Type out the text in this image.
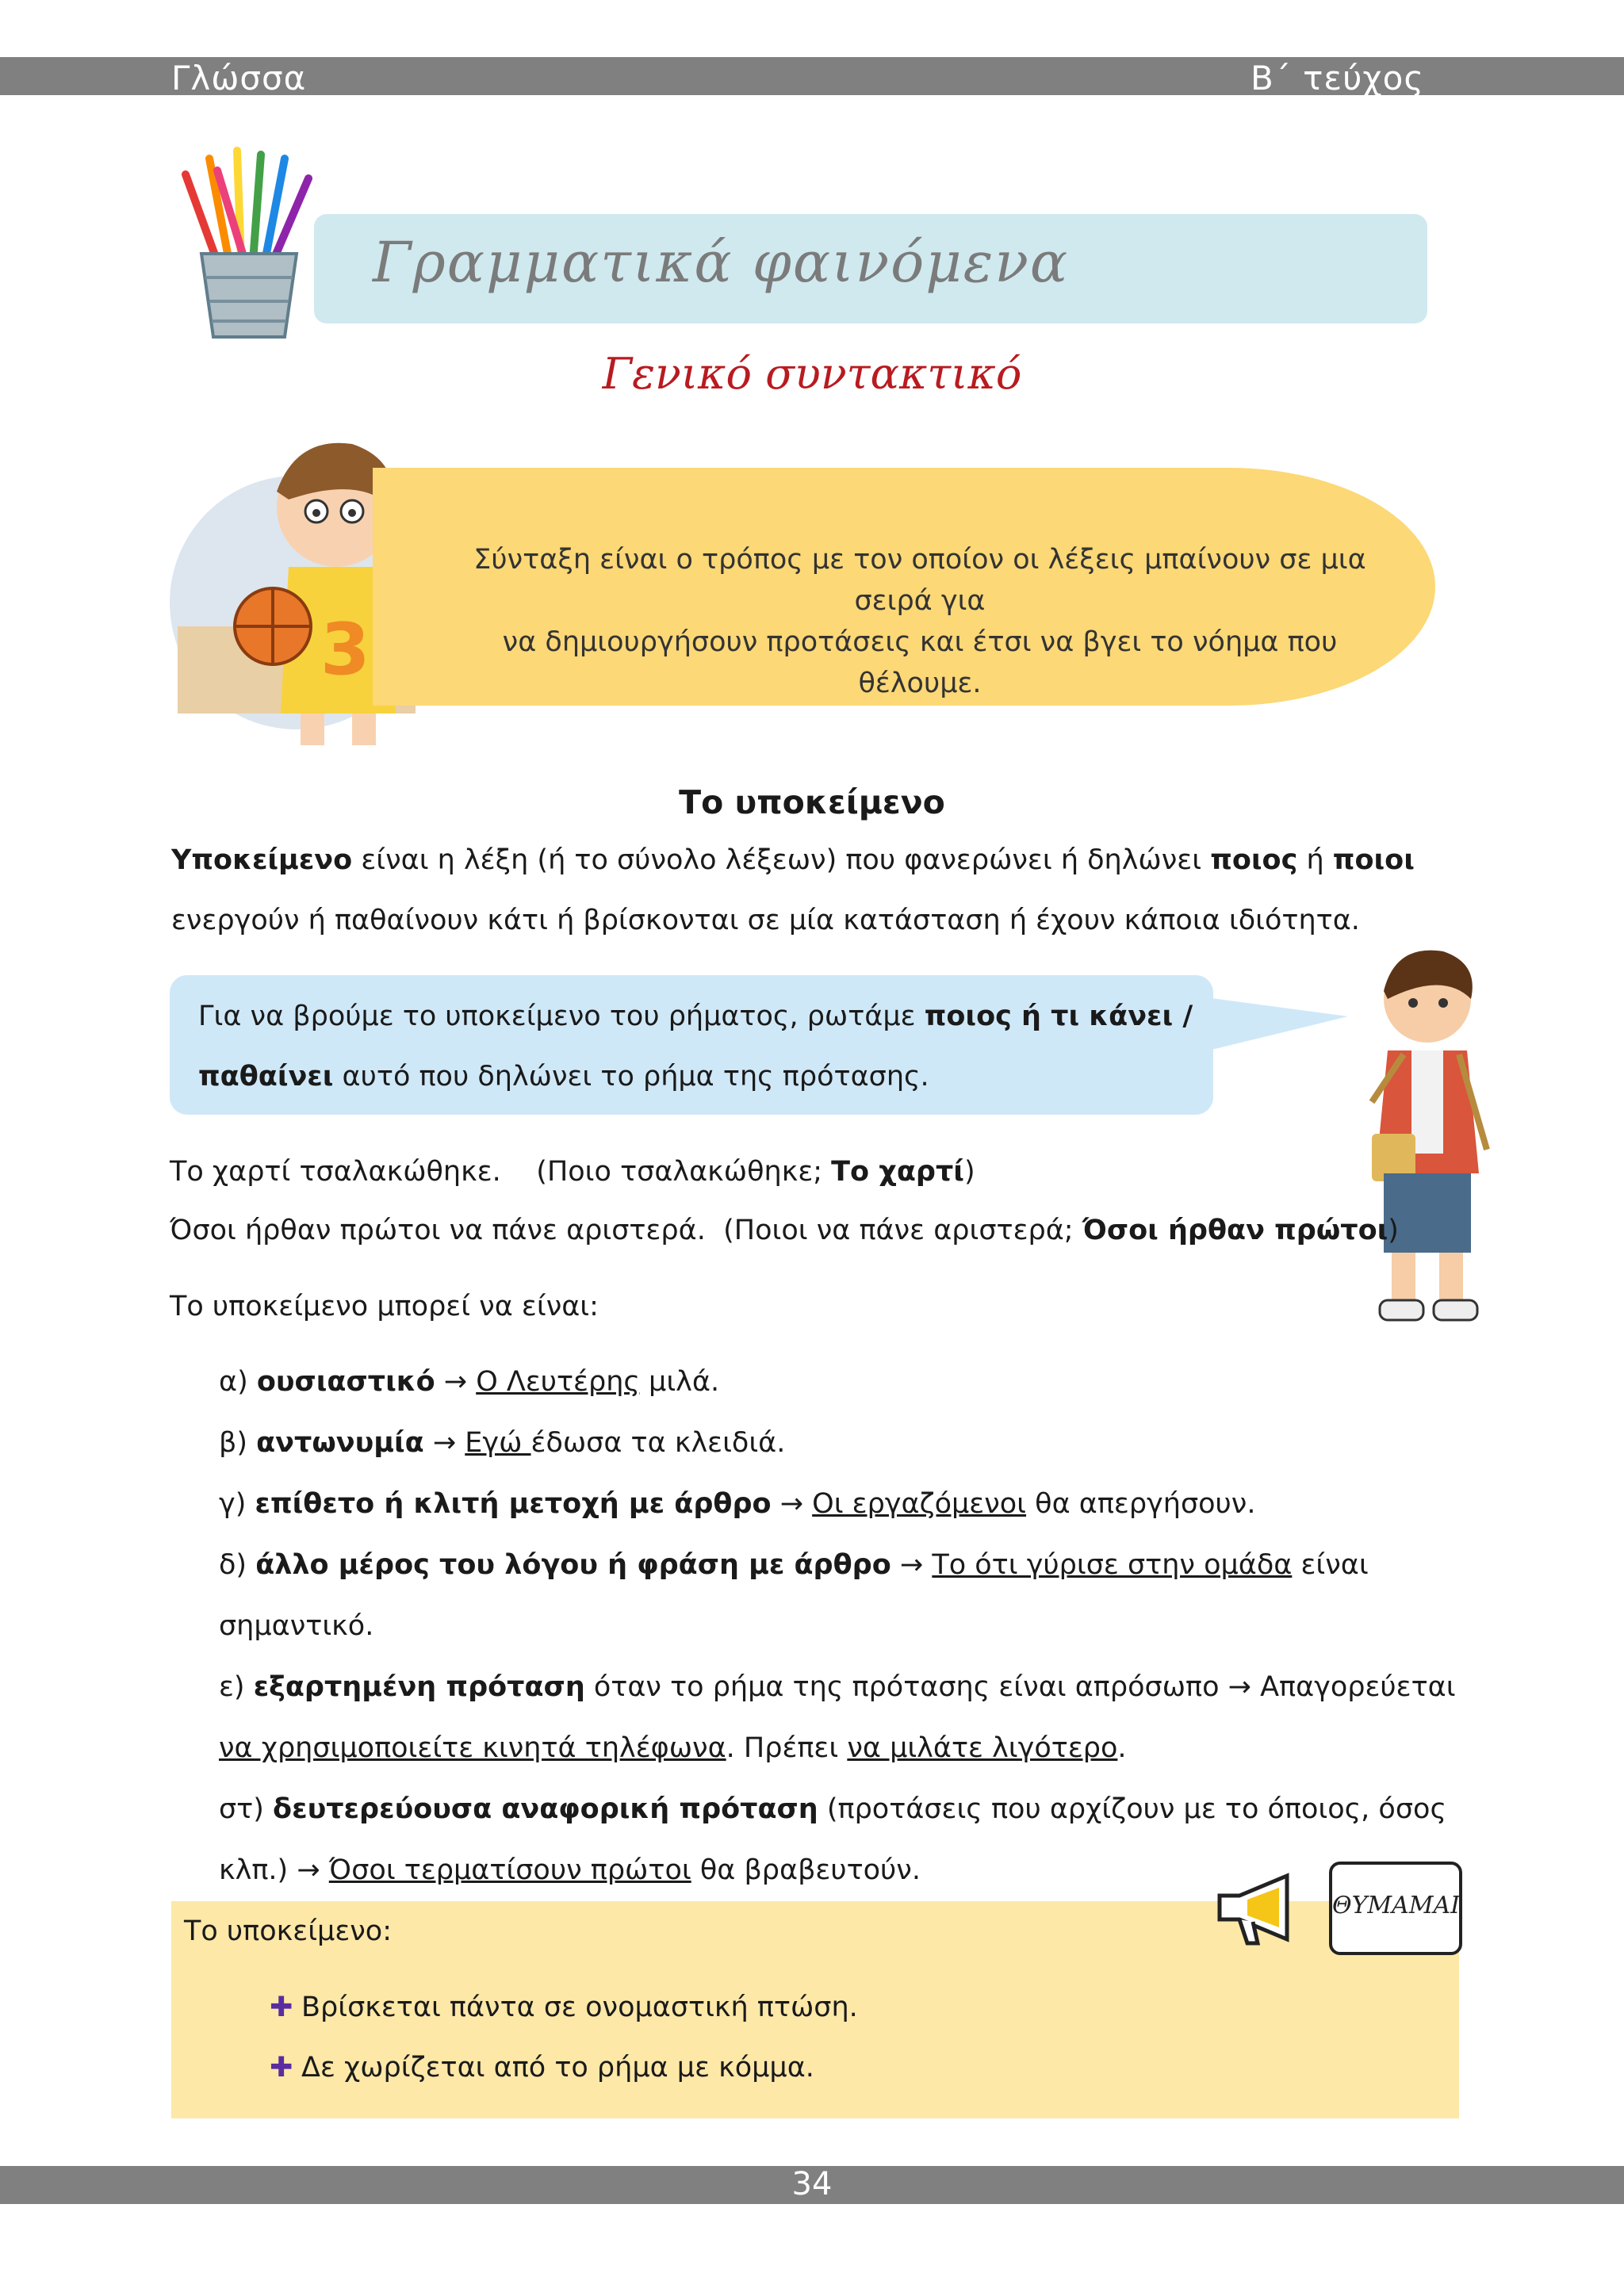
Γλώσσα	Β΄ τεύχος
Γραμματικά φαινόμενα
Γενικό συντακτικό
3
Σύνταξη είναι ο τρόπος με τον οποίον οι λέξεις μπαίνουν σε μια σειρά για
να δημιουργήσουν προτάσεις και έτσι να βγει το νόημα που θέλουμε.
Το υποκείμενο
Υποκείμενο είναι η λέξη (ή το σύνολο λέξεων) που φανερώνει ή δηλώνει ποιος ή ποιοι ενεργούν ή παθαίνουν κάτι ή βρίσκονται σε μία κατάσταση ή έχουν κάποια ιδιότητα.
Για να βρούμε το υποκείμενο του ρήματος, ρωτάμε ποιος ή τι κάνει / παθαίνει αυτό που δηλώνει το ρήμα της πρότασης.
Το χαρτί τσαλακώθηκε. (Ποιο τσαλακώθηκε; Το χαρτί)
Όσοι ήρθαν πρώτοι να πάνε αριστερά. (Ποιοι να πάνε αριστερά; Όσοι ήρθαν πρώτοι)
Το υποκείμενο μπορεί να είναι:
α) ουσιαστικό → Ο Λευτέρης μιλά.
β) αντωνυμία → Εγώ έδωσα τα κλειδιά.
γ) επίθετο ή κλιτή μετοχή με άρθρο → Οι εργαζόμενοι θα απεργήσουν.
δ) άλλο μέρος του λόγου ή φράση με άρθρο → Το ότι γύρισε στην ομάδα είναι σημαντικό.
ε) εξαρτημένη πρόταση όταν το ρήμα της πρότασης είναι απρόσωπο → Απαγορεύεται να χρησιμοποιείτε κινητά τηλέφωνα. Πρέπει να μιλάτε λιγότερο.
στ) δευτερεύουσα αναφορική πρόταση (προτάσεις που αρχίζουν με το όποιος, όσος κλπ.) → Όσοι τερματίσουν πρώτοι θα βραβευτούν.
ΘΥΜΑΜΑΙ
Το υποκείμενο:
✚ Βρίσκεται πάντα σε ονομαστική πτώση.
✚ Δε χωρίζεται από το ρήμα με κόμμα.
34
